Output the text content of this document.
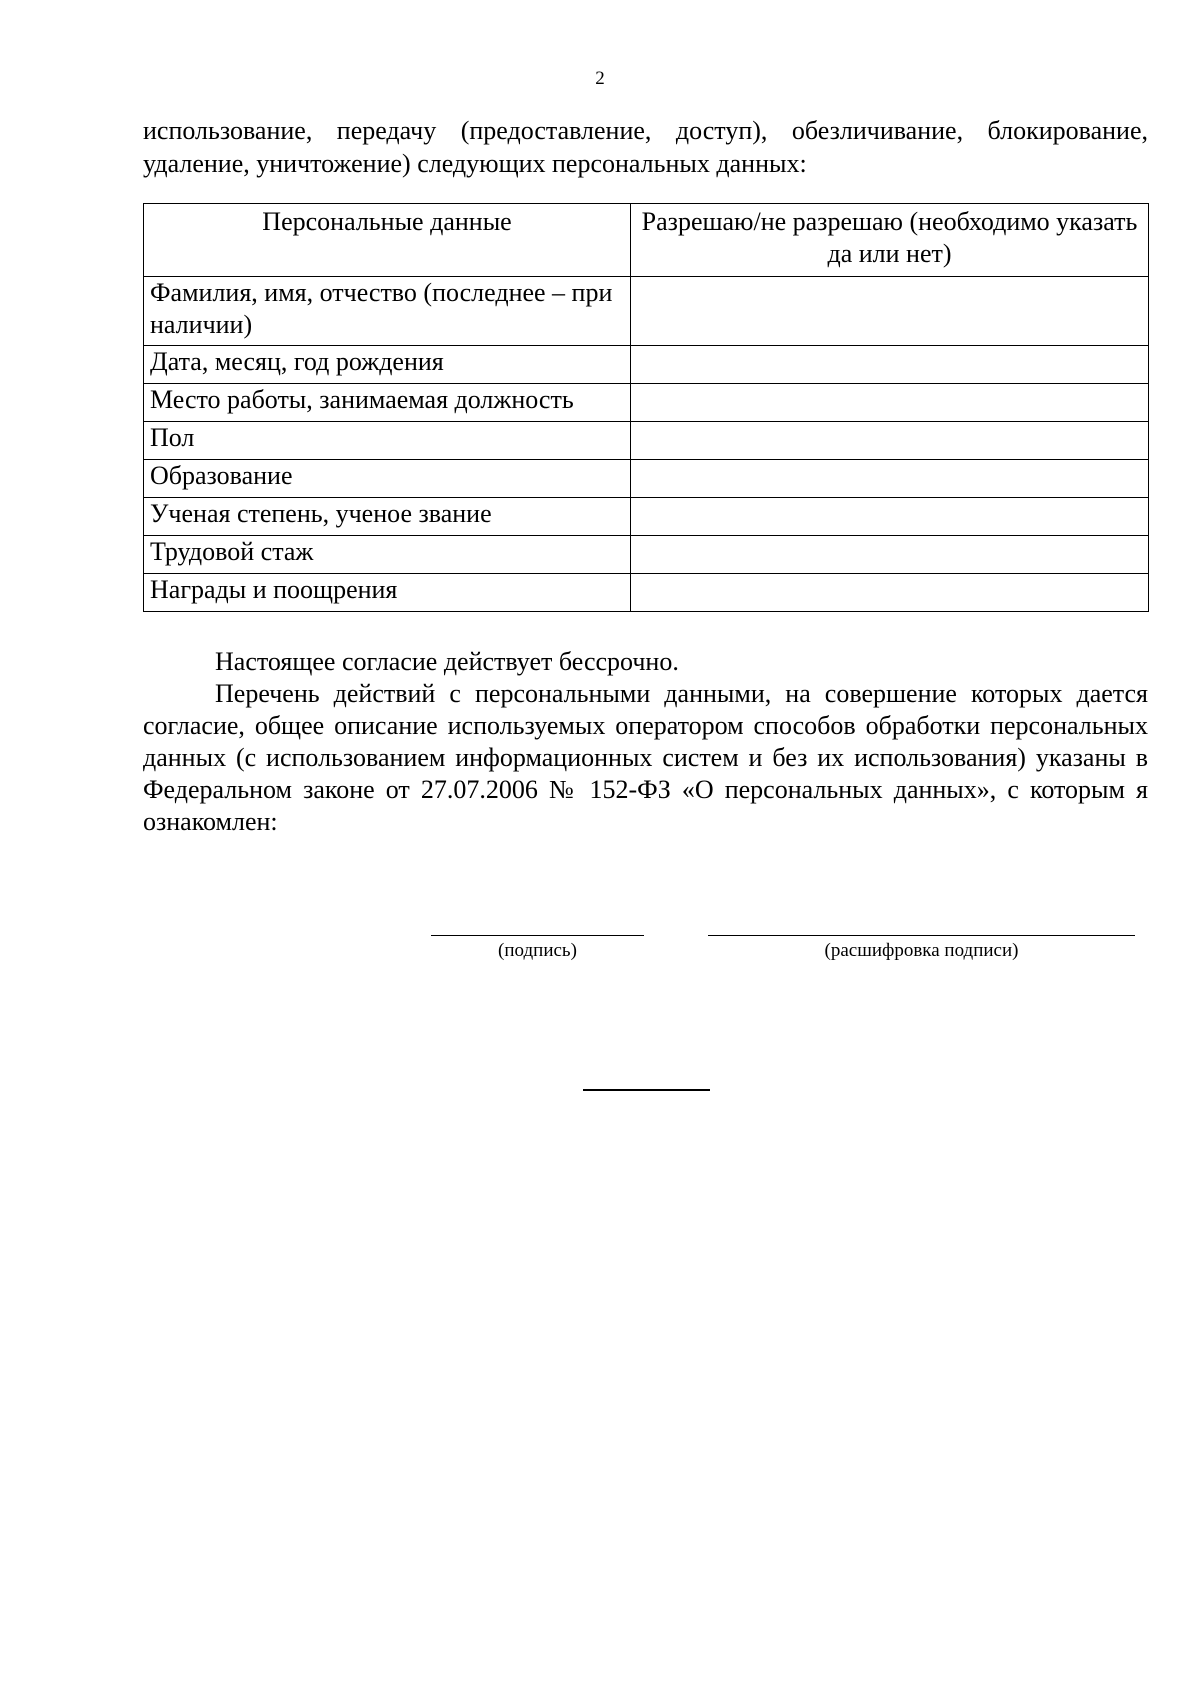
2

использование, передачу (предоставление, доступ), обезличивание, блокирование, удаление, уничтожение) следующих персональных данных:

Персональные данные	Разрешаю/не разрешаю (необходимо указать да или нет)
Фамилия, имя, отчество (последнее – при наличии)	
Дата, месяц, год рождения	
Место работы, занимаемая должность	
Пол	
Образование	
Ученая степень, ученое звание	
Трудовой стаж	
Награды и поощрения	

Настоящее согласие действует бессрочно.

Перечень действий с персональными данными, на совершение которых дается согласие, общее описание используемых оператором способов обработки персональных данных (с использованием информационных систем и без их использования) указаны в Федеральном законе от 27.07.2006 № 152-ФЗ «О персональных данных», с которым я ознакомлен:

(подпись)	(расшифровка подписи)
